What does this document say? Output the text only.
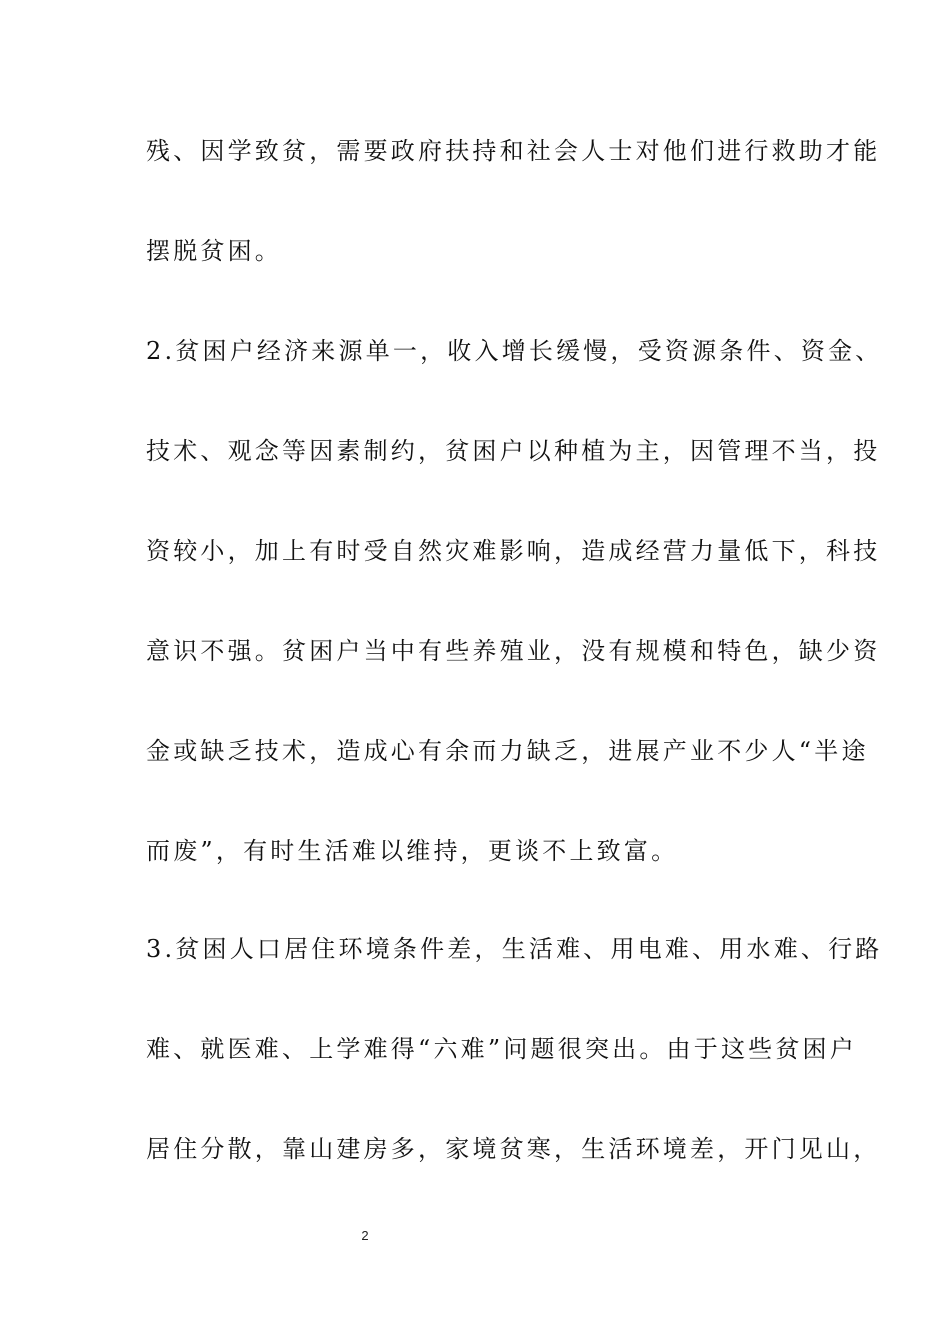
残、因学致贫，需要政府扶持和社会人士对他们进行救助才能
摆脱贫困。
2.贫困户经济来源单一，收入增长缓慢，受资源条件、资金、
技术、观念等因素制约，贫困户以种植为主，因管理不当，投
资较小，加上有时受自然灾难影响，造成经营力量低下，科技
意识不强。贫困户当中有些养殖业，没有规模和特色，缺少资
金或缺乏技术，造成心有余而力缺乏，进展产业不少人“半途
而废”，有时生活难以维持，更谈不上致富。
3.贫困人口居住环境条件差，生活难、用电难、用水难、行路
难、就医难、上学难得“六难”问题很突出。由于这些贫困户
居住分散，靠山建房多，家境贫寒，生活环境差，开门见山，
2
